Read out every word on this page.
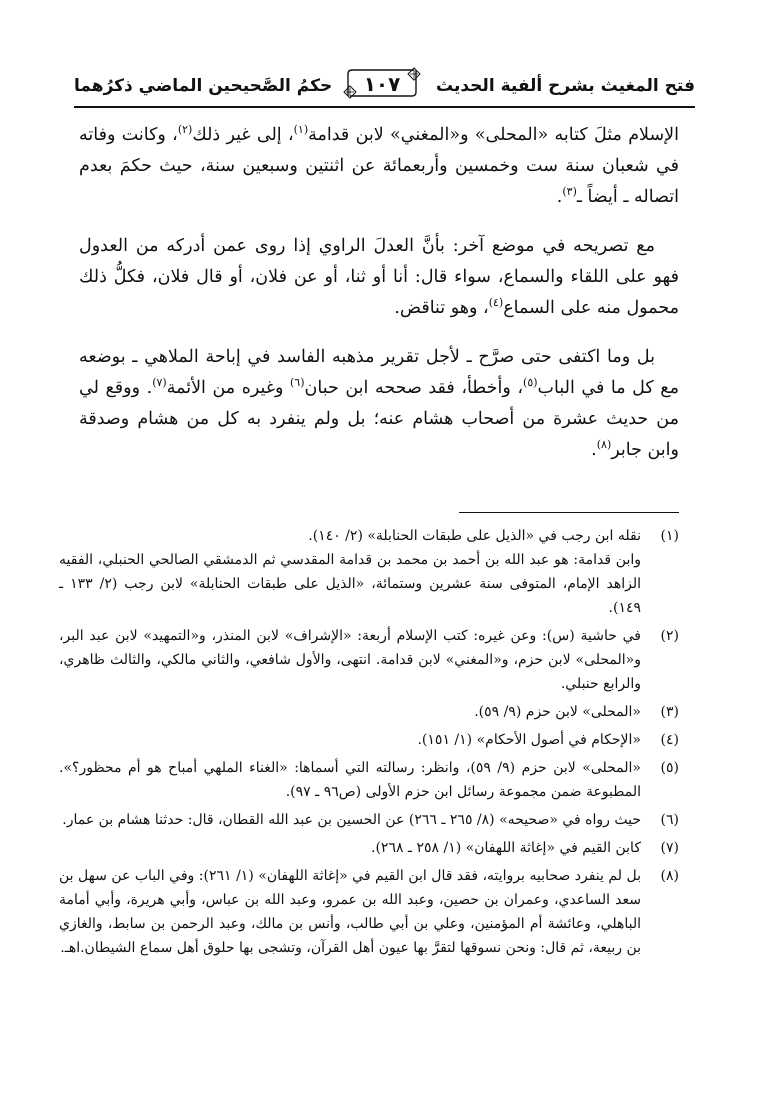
فتح المغيث بشرح ألفية الحديث
١٠٧
حكمُ الصَّحيحين الماضي ذكرُهما

الإسلام مثلَ كتابه «المحلى» و«المغني» لابن قدامة$^{(١)}$، إلى غير ذلك$^{(٢)}$، وكانت وفاته في شعبان سنة ست وخمسين وأربعمائة عن اثنتين وسبعين سنة، حيث حكمَ بعدم اتصاله ـ أيضاً ـ$^{(٣)}$.

مع تصريحه في موضع آخر: بأنَّ العدلَ الراوي إذا روى عمن أدركه من العدول فهو على اللقاء والسماع، سواء قال: أنا أو ثنا، أو عن فلان، أو قال فلان، فكلُّ ذلك محمول منه على السماع$^{(٤)}$، وهو تناقض.

بل وما اكتفى حتى صرَّح ـ لأجل تقرير مذهبه الفاسد في إباحة الملاهي ـ بوضعه مع كل ما في الباب$^{(٥)}$، وأخطأ، فقد صححه ابن حبان$^{(٦)}$ وغيره من الأئمة$^{(٧)}$. ووقع لي من حديث عشرة من أصحاب هشام عنه؛ بل ولم ينفرد به كل من هشام وصدقة وابن جابر$^{(٨)}$.

(١)

نقله ابن رجب في «الذيل على طبقات الحنابلة» (٢/ ١٤٠).

وابن قدامة: هو عبد الله بن أحمد بن محمد بن قدامة المقدسي ثم الدمشقي الصالحي الحنبلي، الفقيه الزاهد الإمام، المتوفى سنة عشرين وستمائة، «الذيل على طبقات الحنابلة» لابن رجب (٢/ ١٣٣ ـ ١٤٩).

(٢)

في حاشية (س): وعن غيره: كتب الإسلام أربعة: «الإشراف» لابن المنذر، و«التمهيد» لابن عبد البر، و«المحلى» لابن حزم، و«المغني» لابن قدامة. انتهى، والأول شافعي، والثاني مالكي، والثالث ظاهري، والرابع حنبلي.

(٣)

«المحلى» لابن حزم (٩/ ٥٩).

(٤)

«الإحكام في أصول الأحكام» (١/ ١٥١).

(٥)

«المحلى» لابن حزم (٩/ ٥٩)، وانظر: رسالته التي أسماها: «الغناء الملهي أمباح هو أم محظور؟». المطبوعة ضمن مجموعة رسائل ابن حزم الأولى (ص٩٦ ـ ٩٧).

(٦)

حيث رواه في «صحيحه» (٨/ ٢٦٥ ـ ٢٦٦) عن الحسين بن عبد الله القطان، قال: حدثنا هشام بن عمار.

(٧)

كابن القيم في «إغاثة اللهفان» (١/ ٢٥٨ ـ ٢٦٨).

(٨)

بل لم ينفرد صحابيه بروايته، فقد قال ابن القيم في «إغاثة اللهفان» (١/ ٢٦١): وفي الباب عن سهل بن سعد الساعدي، وعمران بن حصين، وعبد الله بن عمرو، وعبد الله بن عباس، وأبي هريرة، وأبي أمامة الباهلي، وعائشة أم المؤمنين، وعلي بن أبي طالب، وأنس بن مالك، وعبد الرحمن بن سابط، والغازي بن ربيعة، ثم قال: ونحن نسوقها لتقرَّ بها عيون أهل القرآن، وتشجى بها حلوق أهل سماع الشيطان.اهـ.
